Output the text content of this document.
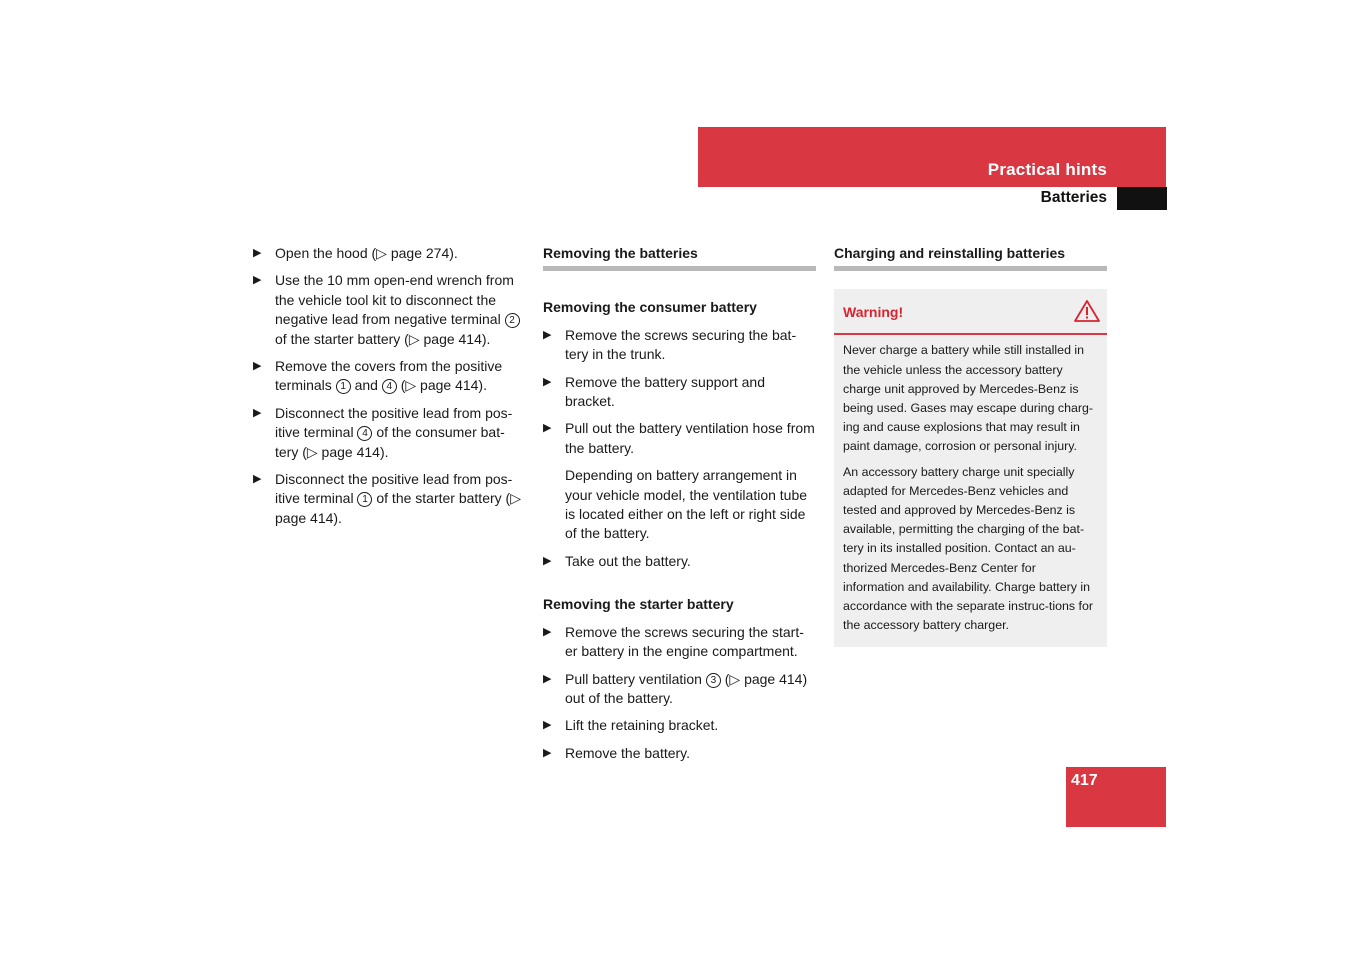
Practical hints
Batteries
▶ Open the hood (▷ page 274).
▶ Use the 10 mm open-end wrench from the vehicle tool kit to disconnect the negative lead from negative terminal 2 of the starter battery (▷ page 414).
▶ Remove the covers from the positive terminals 1 and 4 (▷ page 414).
▶ Disconnect the positive lead from pos-itive terminal 4 of the consumer bat-tery (▷ page 414).
▶ Disconnect the positive lead from pos-itive terminal 1 of the starter battery (▷ page 414).
Removing the batteries
Removing the consumer battery
▶ Remove the screws securing the bat-tery in the trunk.
▶ Remove the battery support and bracket.
▶ Pull out the battery ventilation hose from the battery.
Depending on battery arrangement in your vehicle model, the ventilation tube is located either on the left or right side of the battery.
▶ Take out the battery.
Removing the starter battery
▶ Remove the screws securing the start-er battery in the engine compartment.
▶ Pull battery ventilation 3 (▷ page 414) out of the battery.
▶ Lift the retaining bracket.
▶ Remove the battery.
Charging and reinstalling batteries
Warning!

Never charge a battery while still installed in the vehicle unless the accessory battery charge unit approved by Mercedes-Benz is being used. Gases may escape during charg-ing and cause explosions that may result in paint damage, corrosion or personal injury.

An accessory battery charge unit specially adapted for Mercedes-Benz vehicles and tested and approved by Mercedes-Benz is available, permitting the charging of the bat-tery in its installed position. Contact an au-thorized Mercedes-Benz Center for information and availability. Charge battery in accordance with the separate instruc-tions for the accessory battery charger.

417
